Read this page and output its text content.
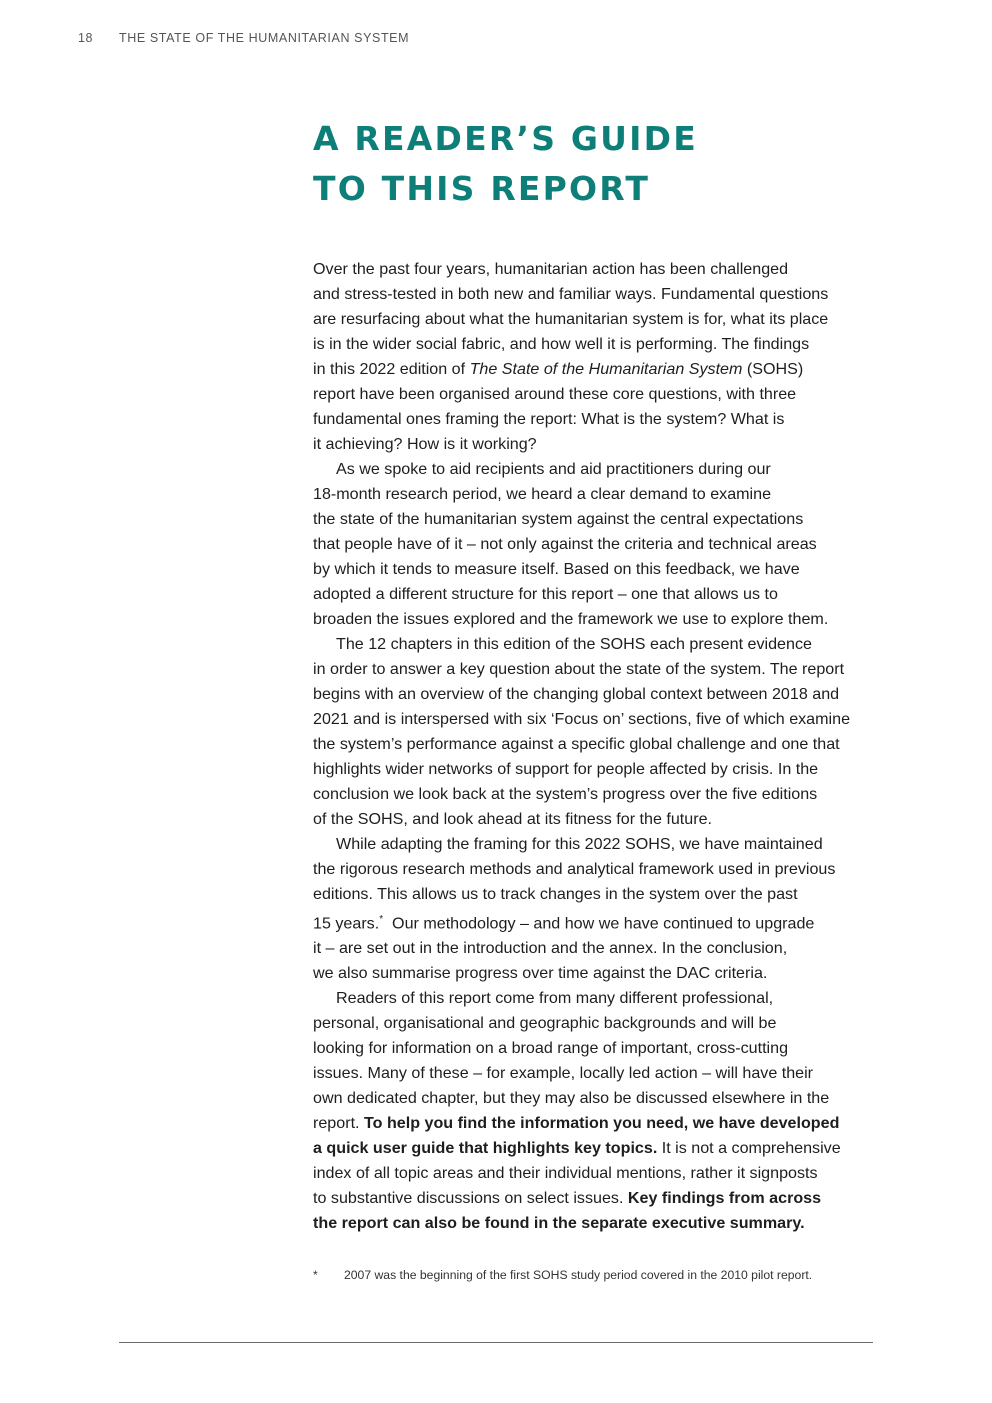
18 THE STATE OF THE HUMANITARIAN SYSTEM
A READER’S GUIDE
TO THIS REPORT
Over the past four years, humanitarian action has been challenged
and stress-tested in both new and familiar ways. Fundamental questions
are resurfacing about what the humanitarian system is for, what its place
is in the wider social fabric, and how well it is performing. The findings
in this 2022 edition of The State of the Humanitarian System (SOHS)
report have been organised around these core questions, with three
fundamental ones framing the report: What is the system? What is
it achieving? How is it working?
As we spoke to aid recipients and aid practitioners during our
18-month research period, we heard a clear demand to examine
the state of the humanitarian system against the central expectations
that people have of it – not only against the criteria and technical areas
by which it tends to measure itself. Based on this feedback, we have
adopted a different structure for this report – one that allows us to
broaden the issues explored and the framework we use to explore them.
The 12 chapters in this edition of the SOHS each present evidence
in order to answer a key question about the state of the system. The report
begins with an overview of the changing global context between 2018 and
2021 and is interspersed with six ‘Focus on’ sections, five of which examine
the system’s performance against a specific global challenge and one that
highlights wider networks of support for people affected by crisis. In the
conclusion we look back at the system’s progress over the five editions
of the SOHS, and look ahead at its fitness for the future.
While adapting the framing for this 2022 SOHS, we have maintained
the rigorous research methods and analytical framework used in previous
editions. This allows us to track changes in the system over the past
15 years.*  Our methodology – and how we have continued to upgrade
it – are set out in the introduction and the annex. In the conclusion,
we also summarise progress over time against the DAC criteria.
Readers of this report come from many different professional,
personal, organisational and geographic backgrounds and will be
looking for information on a broad range of important, cross-cutting
issues. Many of these – for example, locally led action – will have their
own dedicated chapter, but they may also be discussed elsewhere in the
report. To help you find the information you need, we have developed
a quick user guide that highlights key topics. It is not a comprehensive
index of all topic areas and their individual mentions, rather it signposts
to substantive discussions on select issues. Key findings from across
the report can also be found in the separate executive summary.
* 2007 was the beginning of the first SOHS study period covered in the 2010 pilot report.
